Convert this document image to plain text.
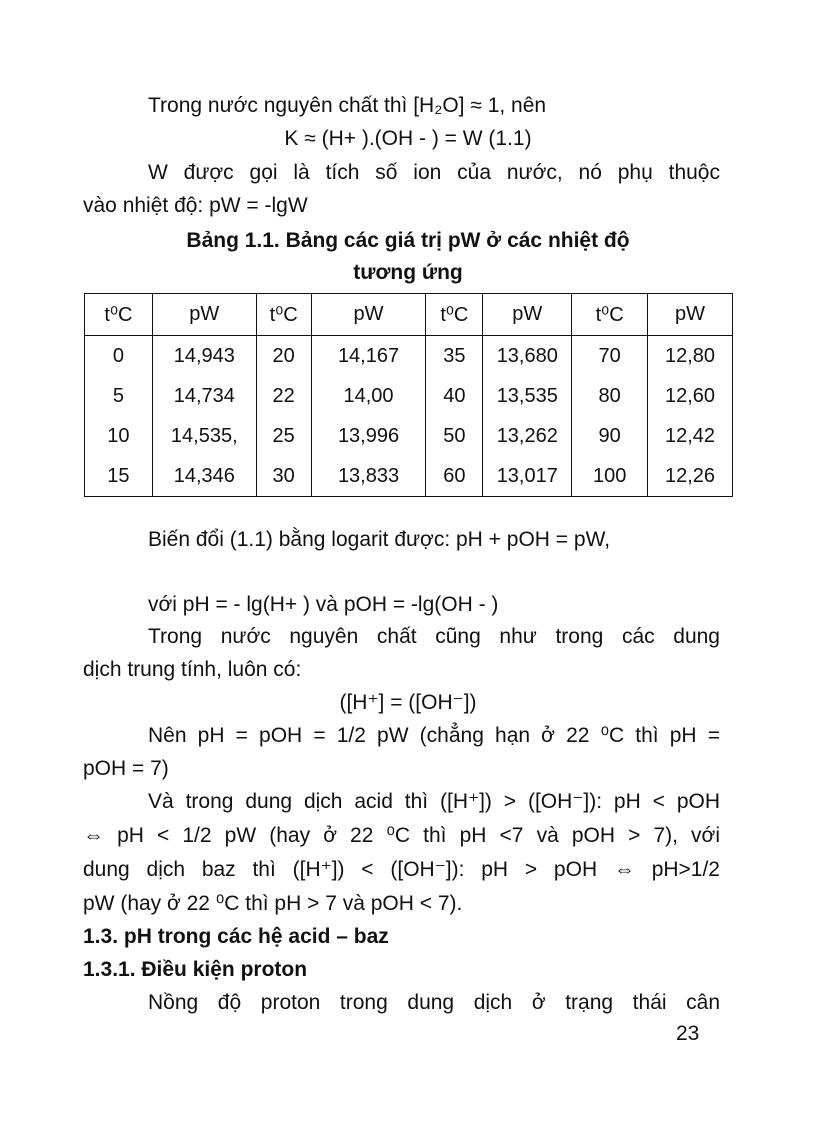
Trong nước nguyên chất thì [H₂O] ≈ 1, nên
K ≈ (H+ ).(OH - ) = W (1.1)
W được gọi là tích số ion của nước, nó phụ thuộc
vào nhiệt độ: pW = -lgW
Bảng 1.1. Bảng các giá trị pW ở các nhiệt độ
tương ứng
t⁰C	pW	t⁰C	pW	t⁰C	pW	t⁰C	pW
0	14,943	20	14,167	35	13,680	70	12,80
5	14,734	22	14,00	40	13,535	80	12,60
10	14,535,	25	13,996	50	13,262	90	12,42
15	14,346	30	13,833	60	13,017	100	12,26
Biến đổi (1.1) bằng logarit được: pH + pOH = pW,
với pH = - lg(H+ ) và pOH = -lg(OH - )
Trong nước nguyên chất cũng như trong các dung
dịch trung tính, luôn có:
([H⁺] = ([OH⁻])
Nên pH = pOH = 1/2 pW (chẳng hạn ở 22 ⁰C thì pH =
pOH = 7)
Và trong dung dịch acid thì ([H⁺]) > ([OH⁻]): pH < pOH
⇔ pH < 1/2 pW (hay ở 22 ⁰C thì pH <7 và pOH > 7), với
dung dịch baz thì ([H⁺]) < ([OH⁻]): pH > pOH ⇔ pH>1/2
pW (hay ở 22 ⁰C thì pH > 7 và pOH < 7).
1.3. pH trong các hệ acid – baz
1.3.1. Điều kiện proton
Nồng độ proton trong dung dịch ở trạng thái cân
23
